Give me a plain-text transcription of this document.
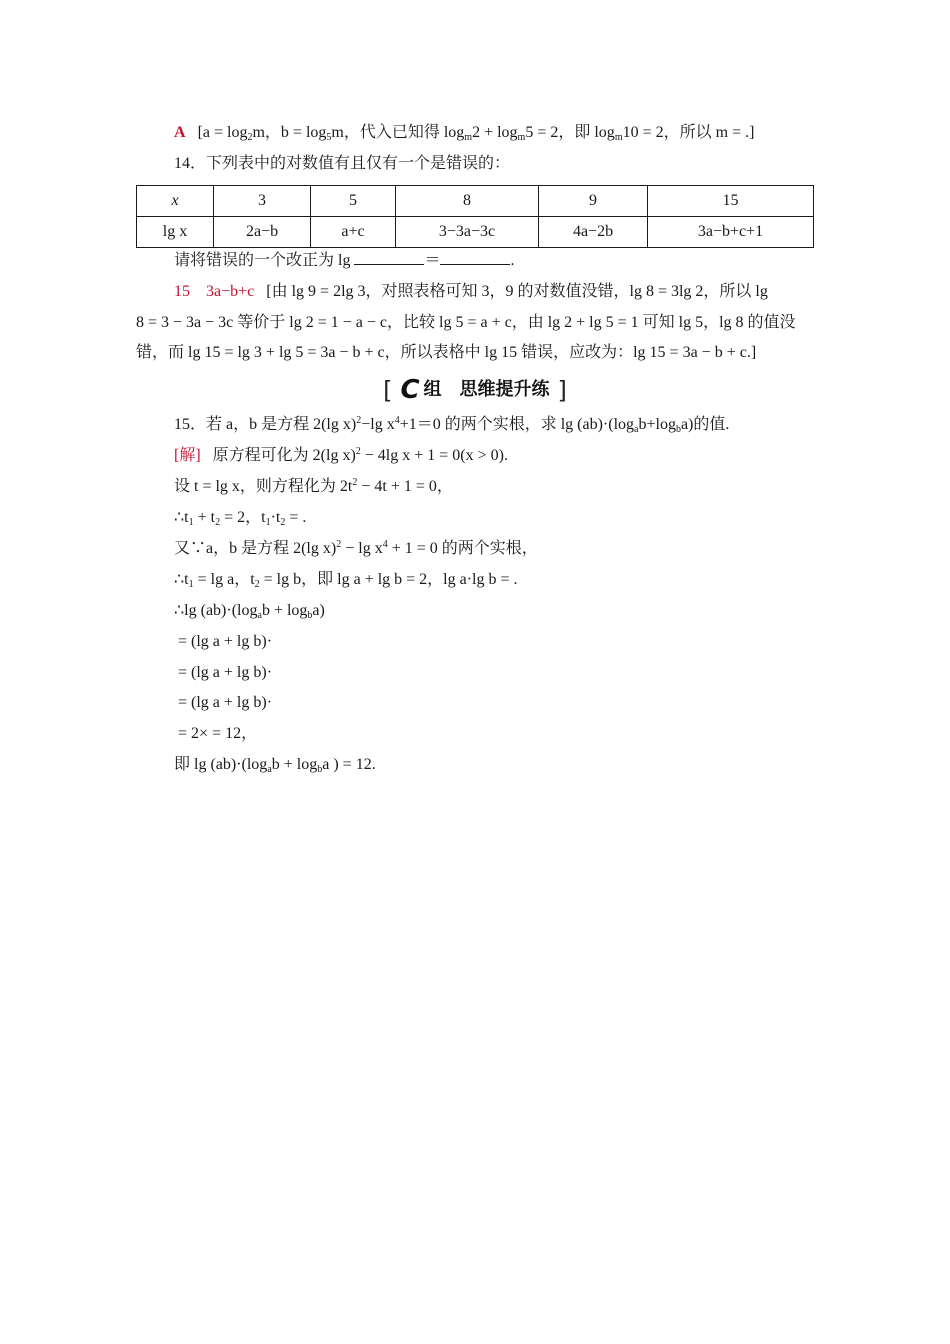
A [$a = \log_2m$，$b = \log_5m$，代入已知得 $\log_m2 + \log_m5 = 2$，即 $\log_m10 = 2$，所以 m = .]
14．下列表中的对数值有且仅有一个是错误的：
x	3	5	8	9	15
lg x	2a−b	a+c	3−3a−3c	4a−2b	3a−b+c+1
请将错误的一个改正为 lg	＝	.
15　3a−b+c [由 lg 9 = 2lg 3，对照表格可知 3，9 的对数值没错，lg 8 = 3lg 2，所以 lg
8 = 3 − 3a − 3c 等价于 lg 2 = 1 − a − c，比较 lg 5 = a + c，由 lg 2 + lg 5 = 1 可知 lg 5，lg 8 的值没
错，而 lg 15 = lg 3 + lg 5 = 3a − b + c，所以表格中 lg 15 错误，应改为：lg 15 = 3a − b + c.]
[ C 组　思维提升练 ]
15．若 a，b 是方程 2(lg x)$^2$−lg $x^4+1=0$ 的两个实根，求 $\lg (ab)\cdot(\log_ab+\log_ba)$的值.
[解] 原方程可化为 2(lg x)$^2$ − 4lg x + 1 = 0(x > 0).
设 t = lg x，则方程化为 $2t^2 - 4t + 1 = 0$，
$\therefore t_1 + t_2 = 2$，$t_1\cdot t_2$ = .
又∵a，b 是方程 2(lg $x)^2 - \lg x^4 + 1 = 0$ 的两个实根，
$\therefore t_1 = \lg a$，$t_2 = \lg b$，即 lg a + lg b = 2，lg a·lg b = .
∴lg $(ab)\cdot(\log_ab + \log_ba)$
= (lg a + lg b)·
= (lg a + lg b)·
= (lg a + lg b)·
= 2× = 12，
即 $\lg (ab)\cdot(\log_ab + \log_ba$ ) = 12.
